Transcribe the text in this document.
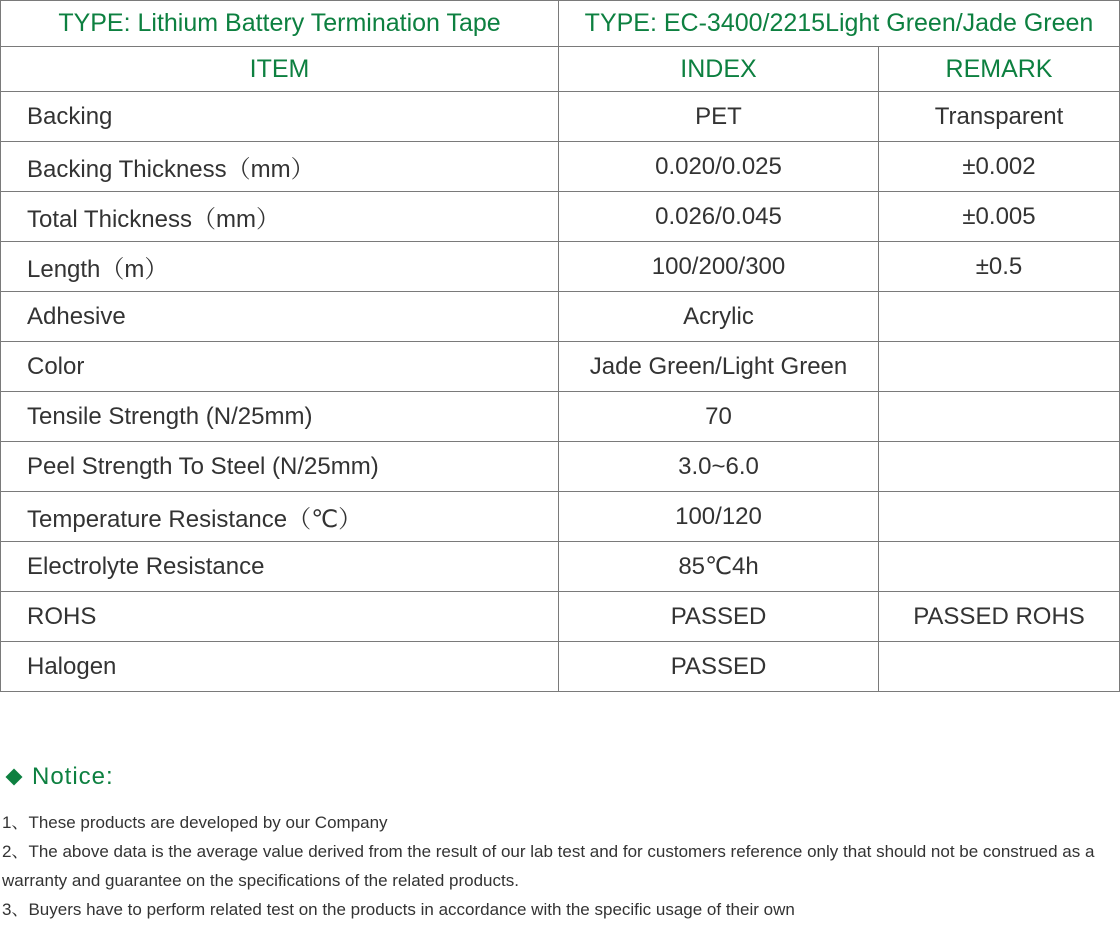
TYPE: Lithium Battery Termination Tape	TYPE: EC-3400/2215Light Green/Jade Green	
ITEM	INDEX	REMARK
Backing	PET	Transparent
Backing Thickness（mm）	0.020/0.025	±0.002
Total Thickness（mm）	0.026/0.045	±0.005
Length（m）	100/200/300	±0.5
Adhesive	Acrylic	
Color	Jade Green/Light Green	
Tensile Strength (N/25mm)	70	
Peel Strength To Steel (N/25mm)	3.0~6.0	
Temperature Resistance（℃）	100/120	
Electrolyte Resistance	85℃4h	
ROHS	PASSED	PASSED ROHS
Halogen	PASSED	
Notice:
1、These products are developed by our Company
2、The above data is the average value derived from the result of our lab test and for customers reference only that should not be construed as a warranty and guarantee on the specifications of the related products.
3、Buyers have to perform related test on the products in accordance with the specific usage of their own
